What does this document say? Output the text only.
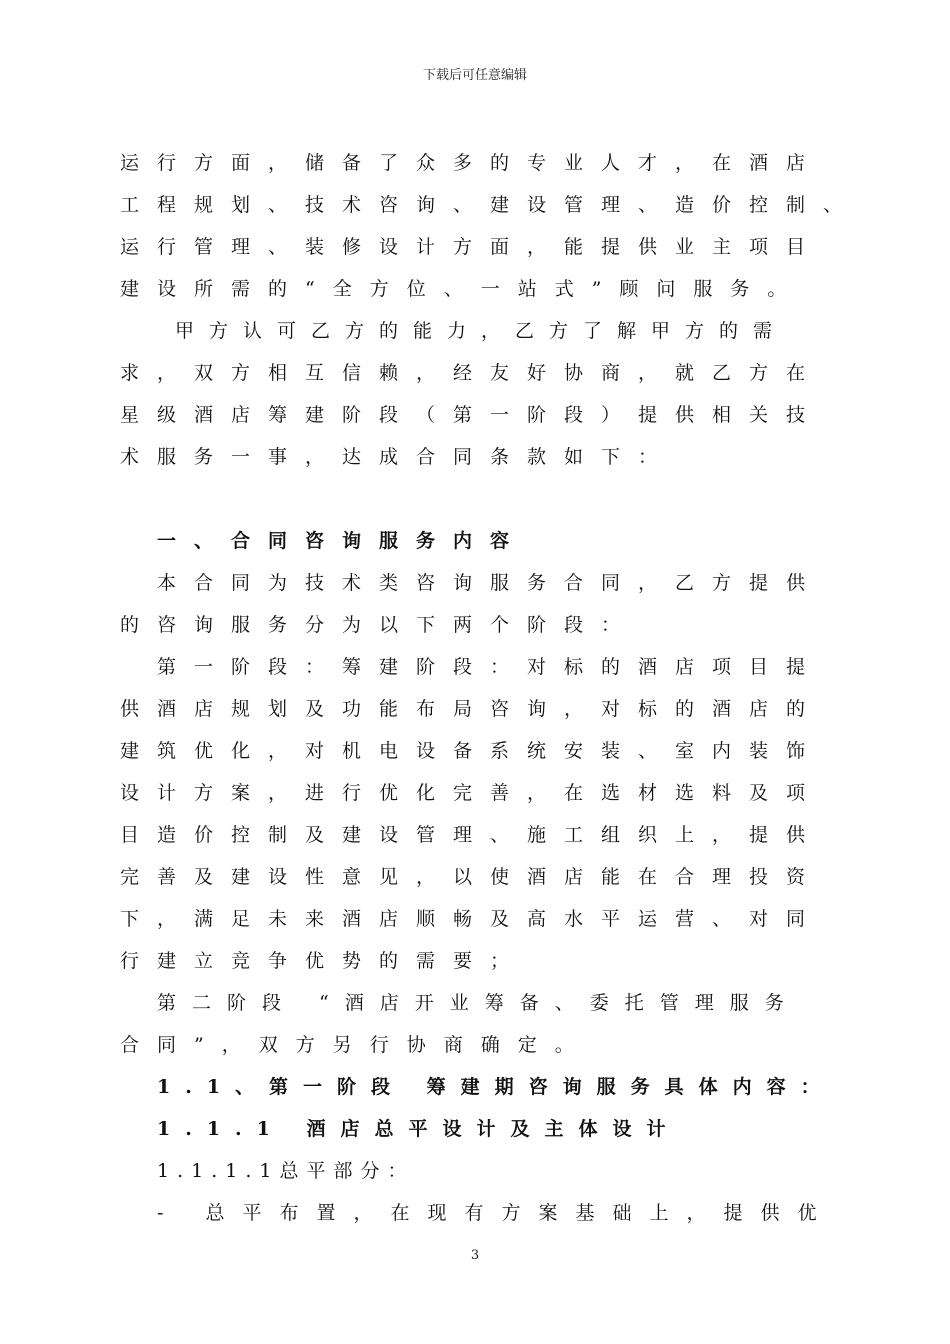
下载后可任意编辑
运行方面，储备了众多的专业人才，在酒店
工程规划、技术咨询、建设管理、造价控制、
运行管理、装修设计方面，能提供业主项目
建设所需的“全方位、一站式”顾问服务。
甲方认可乙方的能力，乙方了解甲方的需
求，双方相互信赖，经友好协商，就乙方在
星级酒店筹建阶段（第一阶段）提供相关技
术服务一事，达成合同条款如下：
一、合同咨询服务内容
本合同为技术类咨询服务合同，乙方提供
的咨询服务分为以下两个阶段：
第一阶段：筹建阶段：对标的酒店项目提
供酒店规划及功能布局咨询，对标的酒店的
建筑优化，对机电设备系统安装、室内装饰
设计方案，进行优化完善，在选材选料及项
目造价控制及建设管理、施工组织上，提供
完善及建设性意见，以使酒店能在合理投资
下，满足未来酒店顺畅及高水平运营、对同
行建立竞争优势的需要；
第二阶段 “酒店开业筹备、委托管理服务
合同”，双方另行协商确定。
1.1、第一阶段 筹建期咨询服务具体内容：
1.1.1 酒店总平设计及主体设计
1.1.1.1总平部分：
- 总平布置，在现有方案基础上，提供优
3
